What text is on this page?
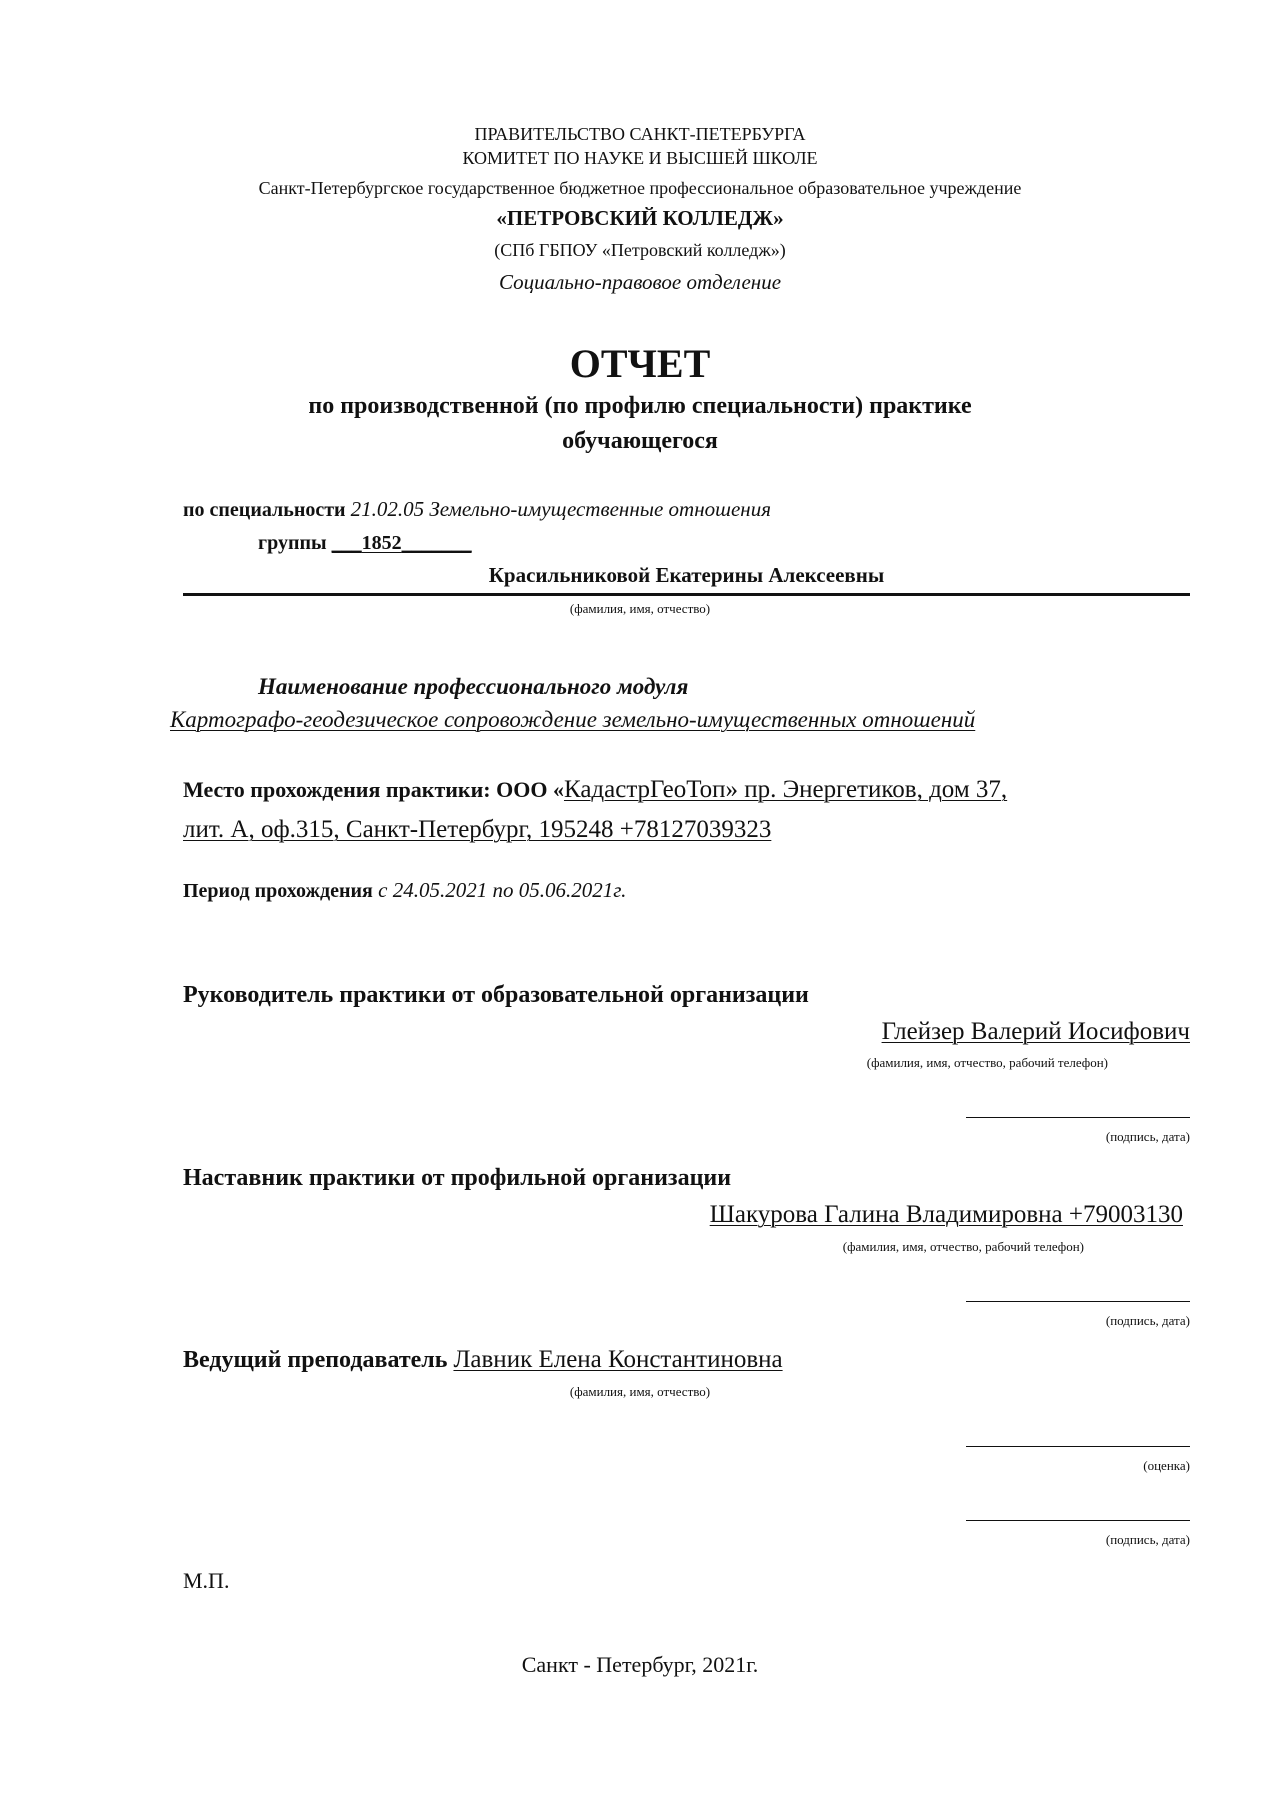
ПРАВИТЕЛЬСТВО САНКТ-ПЕТЕРБУРГА
КОМИТЕТ ПО НАУКЕ И ВЫСШЕЙ ШКОЛЕ
Санкт-Петербургское государственное бюджетное профессиональное образовательное учреждение
«ПЕТРОВСКИЙ КОЛЛЕДЖ»
(СПб ГБПОУ «Петровский колледж»)
Социально-правовое отделение
ОТЧЕТ
по производственной (по профилю специальности) практике
обучающегося
по специальности 21.02.05 Земельно-имущественные отношения
группы ___1852_______
Красильниковой Екатерины Алексеевны
(фамилия, имя, отчество)
Наименование профессионального модуля
Картографо-геодезическое сопровождение земельно-имущественных отношений
Место прохождения практики: ООО «КадастрГеоТоп» пр. Энергетиков, дом 37,
лит. А, оф.315, Санкт-Петербург, 195248 +78127039323
Период прохождения с 24.05.2021 по 05.06.2021г.
Руководитель практики от образовательной организации
Глейзер Валерий Иосифович
(фамилия, имя, отчество, рабочий телефон)
(подпись, дата)
Наставник практики от профильной организации
Шакурова Галина Владимировна +79003130
(фамилия, имя, отчество, рабочий телефон)
(подпись, дата)
Ведущий преподаватель Лавник Елена Константиновна
(фамилия, имя, отчество)
(оценка)
(подпись, дата)
М.П.
Санкт - Петербург, 2021г.
